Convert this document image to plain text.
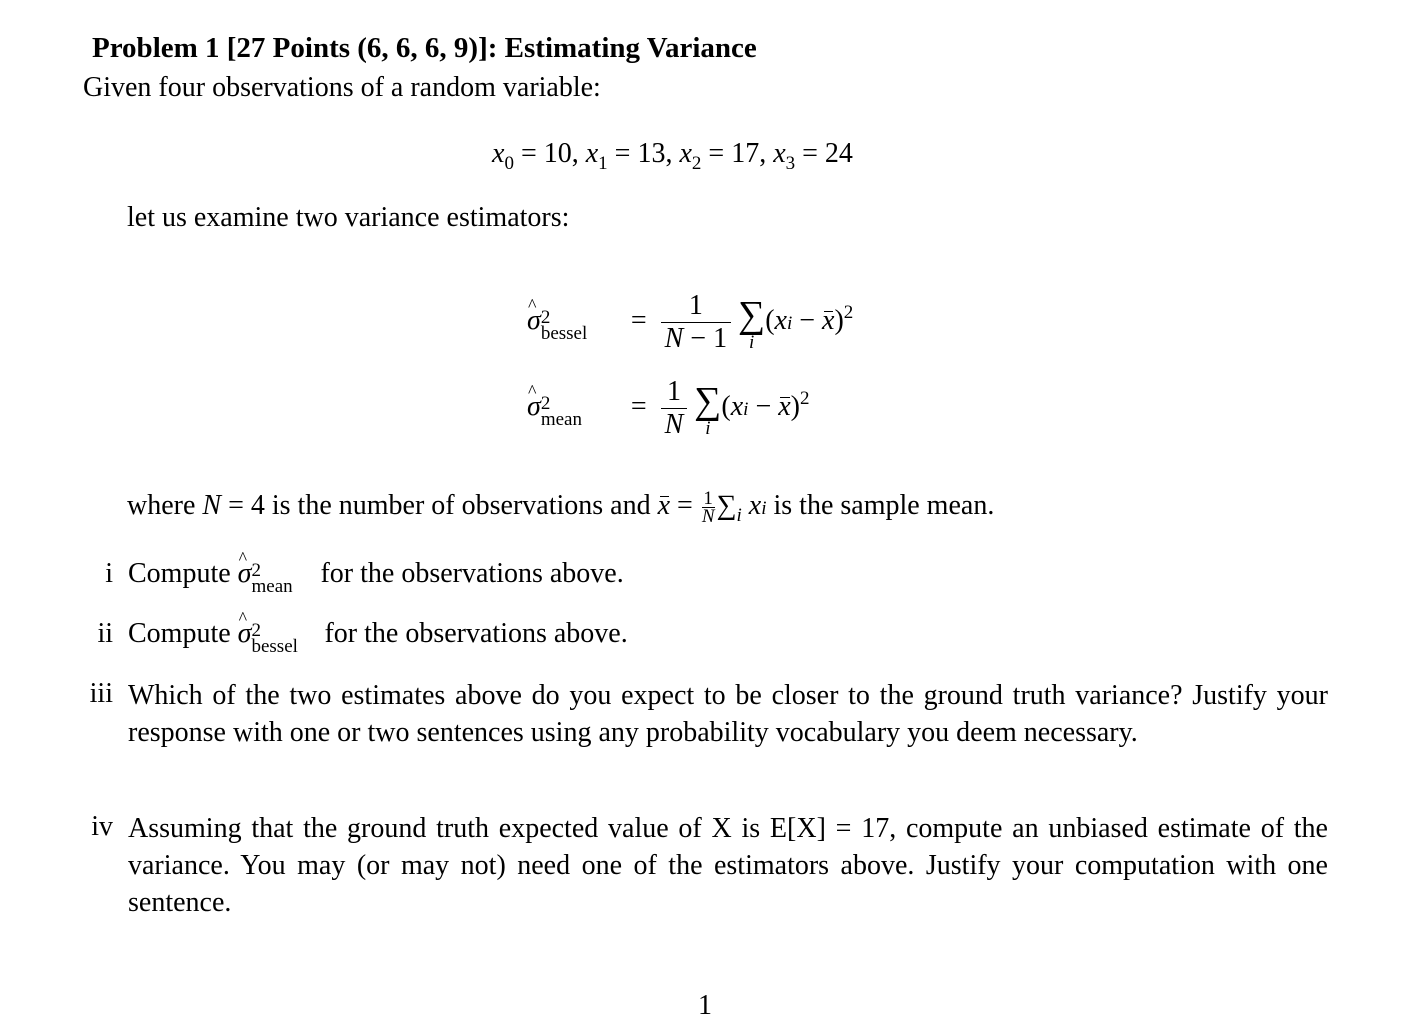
Problem 1 [27 Points (6, 6, 6, 9)]: Estimating Variance
Given four observations of a random variable:
$x_0 = 10$, $x_1 = 13$, $x_2 = 17$, $x_3 = 24$
let us examine two variance estimators:
^ σ 2
bessel = $\frac{1}{N - 1}$ ∑
i
(xi − x)$^2$
^ σ 2
mean = $\frac{1}{N}$ ∑
i
(xi − x)$^2$
where N = 4 is the number of observations and $x = \frac{1}{N} \sum_i$ xi is the sample mean.
i Compute ^ σ 2
mean for the observations above.
ii Compute ^ σ 2
bessel for the observations above.
iii Which of the two estimates above do you expect to be closer to the ground truth variance? Justify your response with one or two sentences using any probability vocabulary you deem necessary.
iv Assuming that the ground truth expected value of X is E[X] = 17, compute an unbiased estimate of the variance. You may (or may not) need one of the estimators above. Justify your computation with one sentence.
1
